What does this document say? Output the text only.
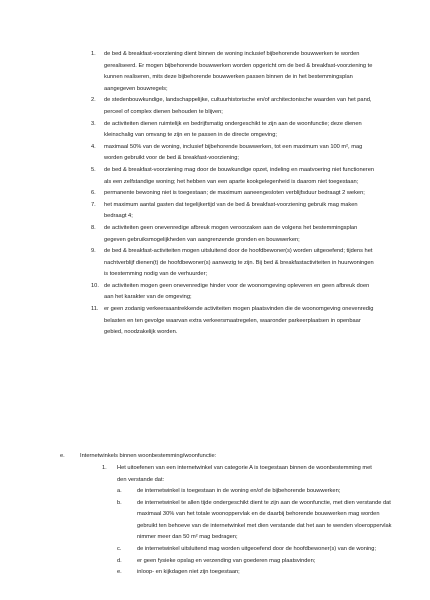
1. de bed & breakfast-voorziening dient binnen de woning inclusief bijbehorende bouwwerken te worden gerealiseerd. Er mogen bijbehorende bouwwerken worden opgericht om de bed & breakfast-voorziening te kunnen realiseren, mits deze bijbehorende bouwwerken passen binnen de in het bestemmingsplan aangegeven bouwregels;
2. de stedenbouwkundige, landschappelijke, cultuurhistorische en/of architectonische waarden van het pand, perceel of complex dienen behouden te blijven;
3. de activiteiten dienen ruimtelijk en bedrijfsmatig ondergeschikt te zijn aan de woonfunctie; deze dienen kleinschalig van omvang te zijn en te passen in de directe omgeving;
4. maximaal 50% van de woning, inclusief bijbehorende bouwwerken, tot een maximum van 100 m², mag worden gebruikt voor de bed & breakfast-voorziening;
5. de bed & breakfast-voorziening mag door de bouwkundige opzet, indeling en maatvoering niet functioneren als een zelfstandige woning; het hebben van een aparte kookgelegenheid is daarom niet toegestaan;
6. permanente bewoning niet is toegestaan; de maximum aaneengesloten verblijfsduur bedraagt 2 weken;
7. het maximum aantal gasten dat tegelijkertijd van de bed & breakfast-voorziening gebruik mag maken bedraagt 4;
8. de activiteiten geen onevenredige afbreuk mogen veroorzaken aan de volgens het bestemmingsplan gegeven gebruiksmogelijkheden van aangrenzende gronden en bouwwerken;
9. de bed & breakfast-activiteiten mogen uitsluitend door de hoofdbewoner(s) worden uitgeoefend; tijdens het nachtverblijf dienen(t) de hoofdbewoner(s) aanwezig te zijn. Bij bed & breakfastactiviteiten in huurwoningen is toestemming nodig van de verhuurder;
10. de activiteiten mogen geen onevenredige hinder voor de woonomgeving opleveren en geen afbreuk doen aan het karakter van de omgeving;
11. er geen zodanig verkeersaantrekkende activiteiten mogen plaatsvinden die de woonomgeving onevenredig belasten en ten gevolge waarvan extra verkeersmaatregelen, waaronder parkeerplaatsen in openbaar gebied, noodzakelijk worden.
e.	Internetwinkels binnen woonbestemming/woonfunctie:
1.	Het uitoefenen van een internetwinkel van categorie A is toegestaan binnen de woonbestemming met den verstande dat:
a.	de internetwinkel is toegestaan in de woning en/of de bijbehorende bouwwerken;
b.	de internetwinkel te allen tijde ondergeschikt dient te zijn aan de woonfunctie, met dien verstande dat maximaal 30% van het totale woonoppervlak en de daarbij behorende bouwwerken mag worden gebruikt ten behoeve van de internetwinkel met dien verstande dat het aan te wenden vloeroppervlak nimmer meer dan 50 m² mag bedragen;
c.	de internetwinkel uitsluitend mag worden uitgeoefend door de hoofdbewoner(s) van de woning;
d.	er geen fysieke opslag en verzending van goederen mag plaatsvinden;
e.	inloop- en kijkdagen niet zijn toegestaan;
